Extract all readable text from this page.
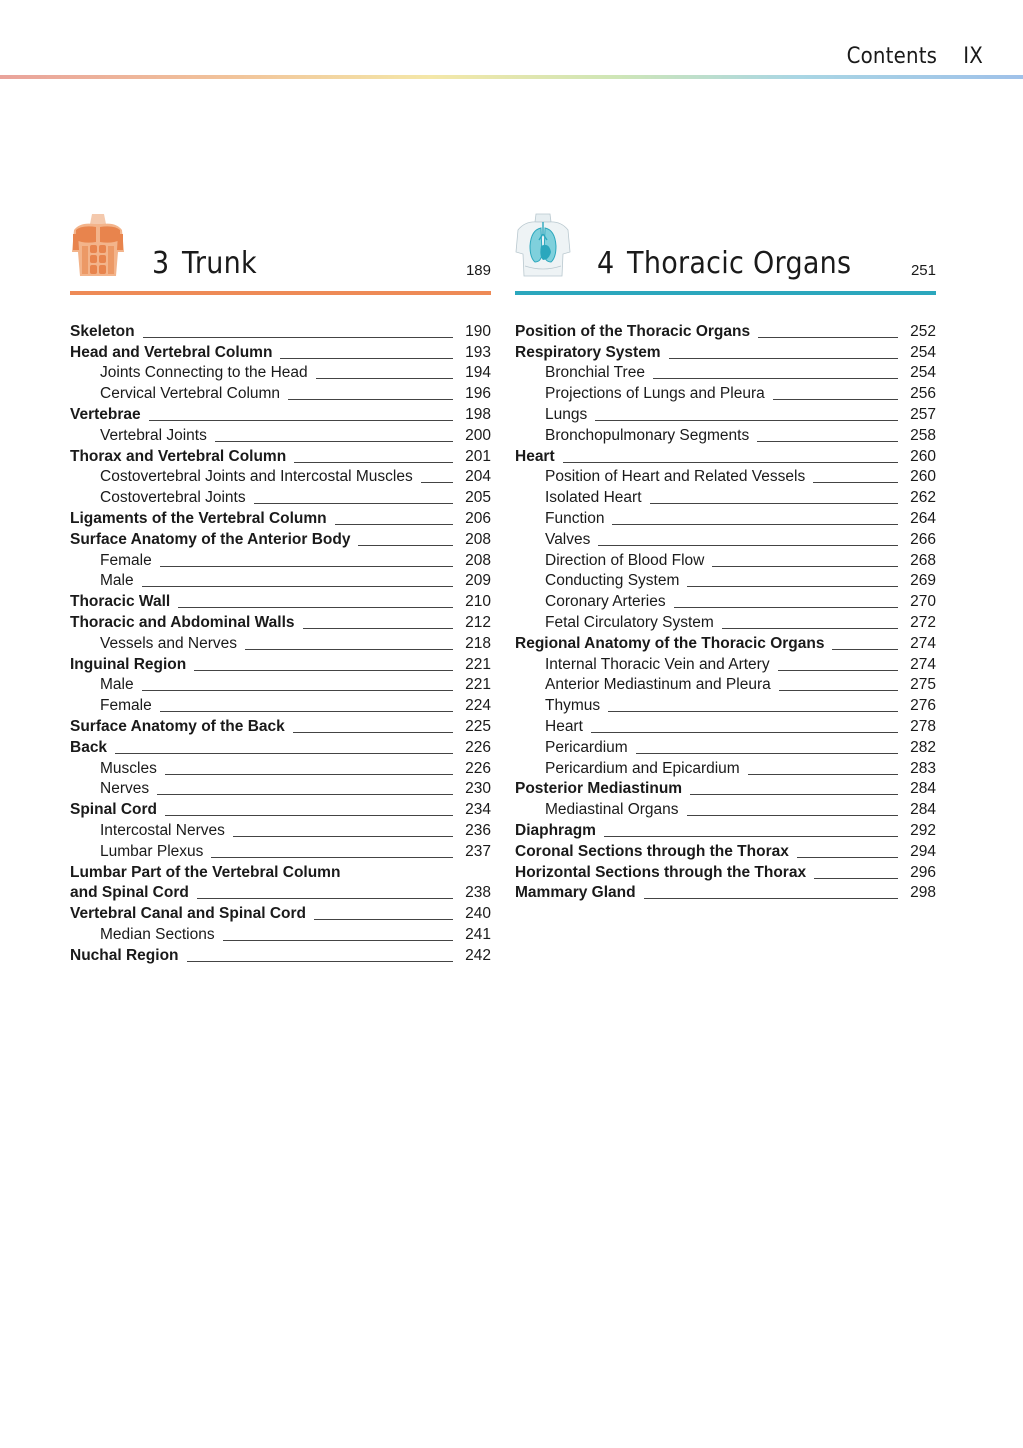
Contents IX
3 Trunk	189
Skeleton	190
Head and Vertebral Column	193
Joints Connecting to the Head	194
Cervical Vertebral Column	196
Vertebrae	198
Vertebral Joints	200
Thorax and Vertebral Column	201
Costovertebral Joints and Intercostal Muscles	204
Costovertebral Joints	205
Ligaments of the Vertebral Column	206
Surface Anatomy of the Anterior Body	208
Female	208
Male	209
Thoracic Wall	210
Thoracic and Abdominal Walls	212
Vessels and Nerves	218
Inguinal Region	221
Male	221
Female	224
Surface Anatomy of the Back	225
Back	226
Muscles	226
Nerves	230
Spinal Cord	234
Intercostal Nerves	236
Lumbar Plexus	237
Lumbar Part of the Vertebral Column
and Spinal Cord	238
Vertebral Canal and Spinal Cord	240
Median Sections	241
Nuchal Region	242
4 Thoracic Organs	251
Position of the Thoracic Organs	252
Respiratory System	254
Bronchial Tree	254
Projections of Lungs and Pleura	256
Lungs	257
Bronchopulmonary Segments	258
Heart	260
Position of Heart and Related Vessels	260
Isolated Heart	262
Function	264
Valves	266
Direction of Blood Flow	268
Conducting System	269
Coronary Arteries	270
Fetal Circulatory System	272
Regional Anatomy of the Thoracic Organs	274
Internal Thoracic Vein and Artery	274
Anterior Mediastinum and Pleura	275
Thymus	276
Heart	278
Pericardium	282
Pericardium and Epicardium	283
Posterior Mediastinum	284
Mediastinal Organs	284
Diaphragm	292
Coronal Sections through the Thorax	294
Horizontal Sections through the Thorax	296
Mammary Gland	298
